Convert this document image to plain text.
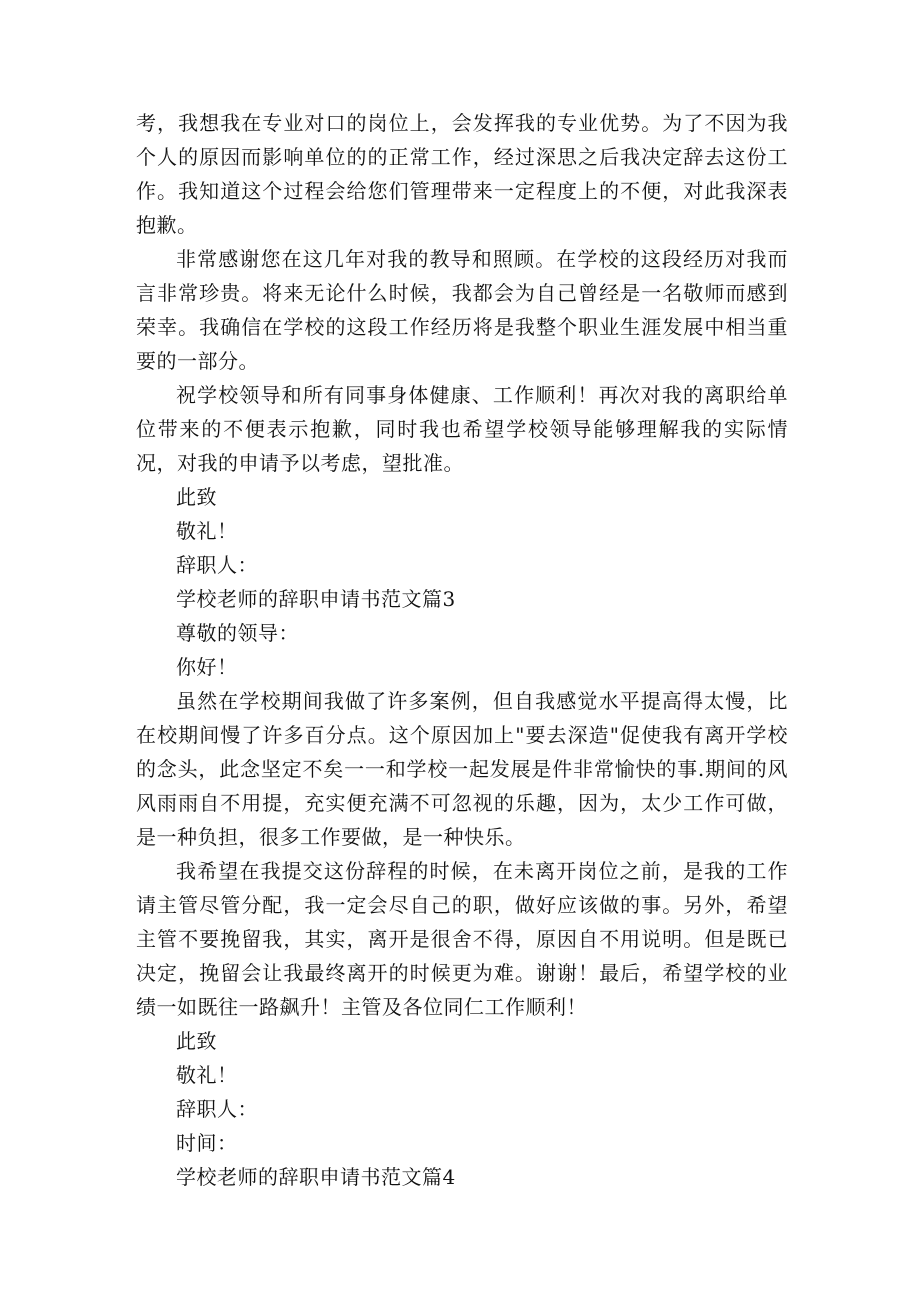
考，我想我在专业对口的岗位上，会发挥我的专业优势。为了不因为我个人的原因而影响单位的的正常工作，经过深思之后我决定辞去这份工作。我知道这个过程会给您们管理带来一定程度上的不便，对此我深表抱歉。

非常感谢您在这几年对我的教导和照顾。在学校的这段经历对我而言非常珍贵。将来无论什么时候，我都会为自己曾经是一名敬师而感到荣幸。我确信在学校的这段工作经历将是我整个职业生涯发展中相当重要的一部分。

祝学校领导和所有同事身体健康、工作顺利！再次对我的离职给单位带来的不便表示抱歉，同时我也希望学校领导能够理解我的实际情况，对我的申请予以考虑，望批准。

此致

敬礼！

辞职人：

学校老师的辞职申请书范文篇3

尊敬的领导：

你好！

虽然在学校期间我做了许多案例，但自我感觉水平提高得太慢，比在校期间慢了许多百分点。这个原因加上"要去深造"促使我有离开学校的念头，此念坚定不矣一一和学校一起发展是件非常愉快的事.期间的风风雨雨自不用提，充实便充满不可忽视的乐趣，因为，太少工作可做，是一种负担，很多工作要做，是一种快乐。

我希望在我提交这份辞程的时候，在未离开岗位之前，是我的工作请主管尽管分配，我一定会尽自己的职，做好应该做的事。另外，希望主管不要挽留我，其实，离开是很舍不得，原因自不用说明。但是既已决定，挽留会让我最终离开的时候更为难。谢谢！最后，希望学校的业绩一如既往一路飙升！主管及各位同仁工作顺利！

此致

敬礼！

辞职人：

时间：

学校老师的辞职申请书范文篇4
